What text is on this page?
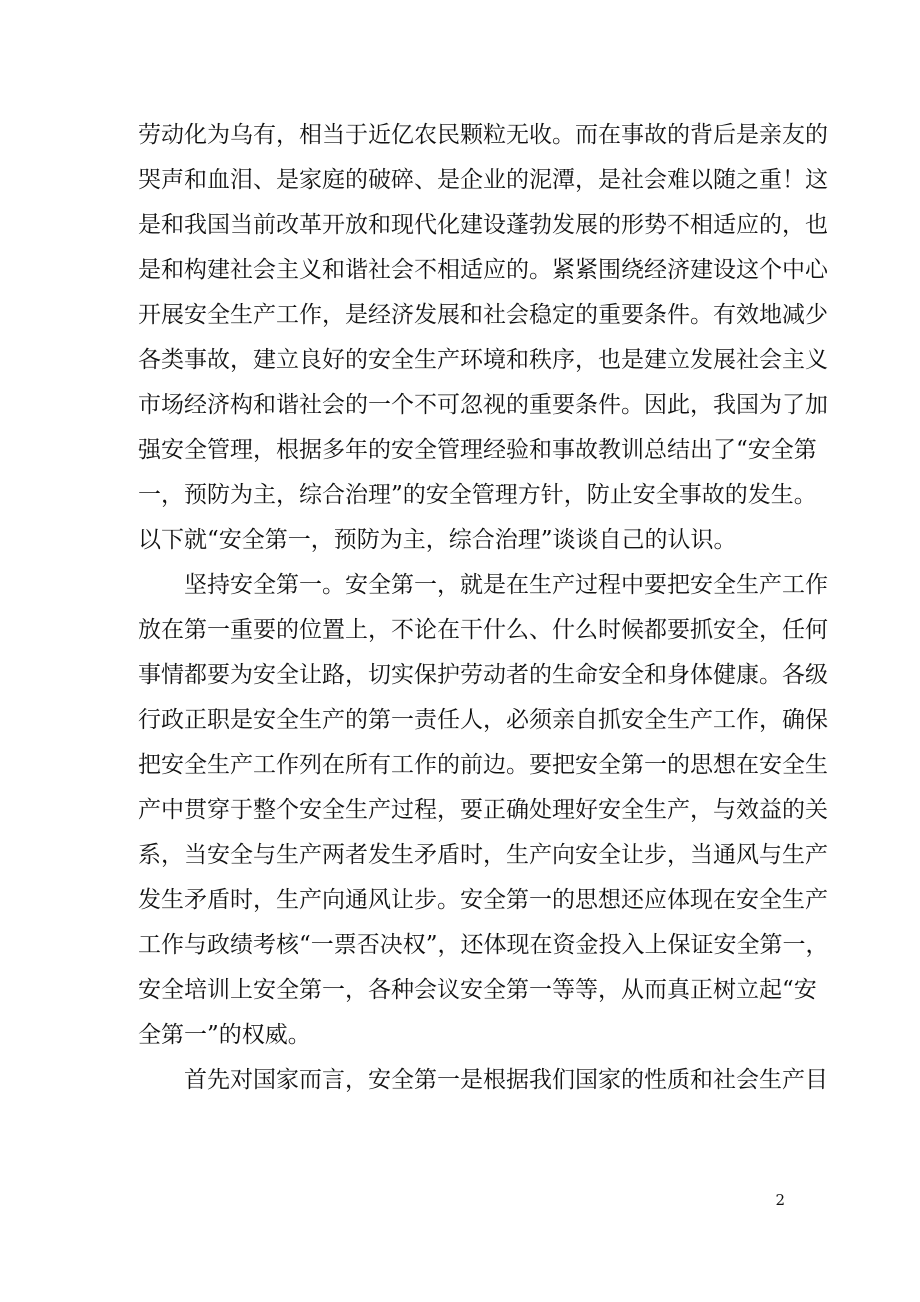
劳动化为乌有，相当于近亿农民颗粒无收。而在事故的背后是亲友的
哭声和血泪、是家庭的破碎、是企业的泥潭，是社会难以随之重！这
是和我国当前改革开放和现代化建设蓬勃发展的形势不相适应的，也
是和构建社会主义和谐社会不相适应的。紧紧围绕经济建设这个中心
开展安全生产工作，是经济发展和社会稳定的重要条件。有效地减少
各类事故，建立良好的安全生产环境和秩序，也是建立发展社会主义
市场经济构和谐社会的一个不可忽视的重要条件。因此，我国为了加
强安全管理，根据多年的安全管理经验和事故教训总结出了“安全第
一，预防为主，综合治理”的安全管理方针，防止安全事故的发生。
以下就“安全第一，预防为主，综合治理”谈谈自己的认识。
坚持安全第一。安全第一，就是在生产过程中要把安全生产工作
放在第一重要的位置上，不论在干什么、什么时候都要抓安全，任何
事情都要为安全让路，切实保护劳动者的生命安全和身体健康。各级
行政正职是安全生产的第一责任人，必须亲自抓安全生产工作，确保
把安全生产工作列在所有工作的前边。要把安全第一的思想在安全生
产中贯穿于整个安全生产过程，要正确处理好安全生产，与效益的关
系，当安全与生产两者发生矛盾时，生产向安全让步，当通风与生产
发生矛盾时，生产向通风让步。安全第一的思想还应体现在安全生产
工作与政绩考核“一票否决权”，还体现在资金投入上保证安全第一，
安全培训上安全第一，各种会议安全第一等等，从而真正树立起“安
全第一”的权威。
首先对国家而言，安全第一是根据我们国家的性质和社会生产目
2
